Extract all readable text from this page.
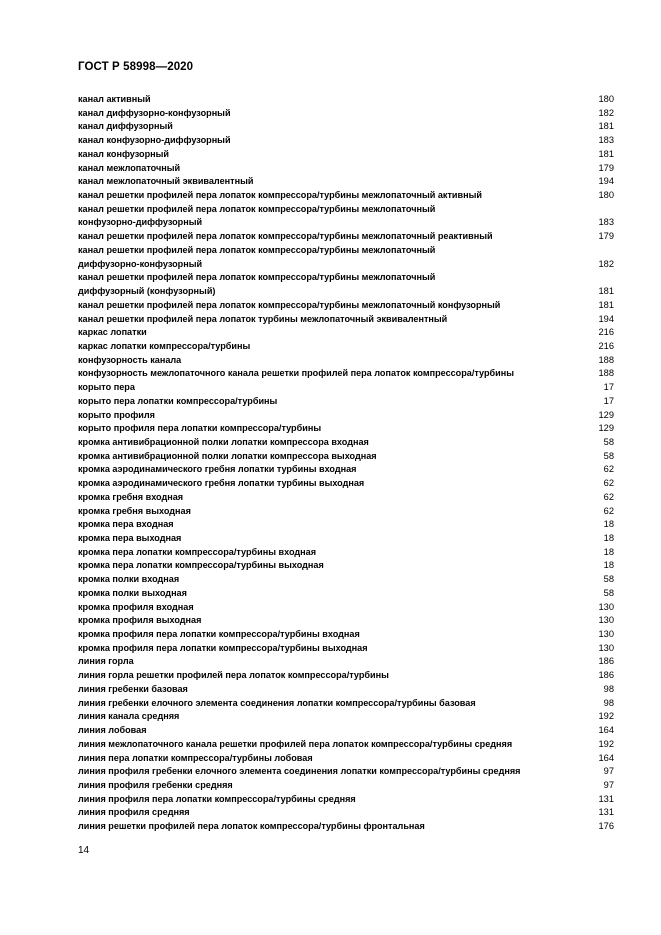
ГОСТ Р 58998—2020
канал активный	180
канал диффузорно-конфузорный	182
канал диффузорный	181
канал конфузорно-диффузорный	183
канал конфузорный	181
канал межлопаточный	179
канал межлопаточный эквивалентный	194
канал решетки профилей пера лопаток компрессора/турбины межлопаточный активный	180
канал решетки профилей пера лопаток компрессора/турбины межлопаточный
конфузорно-диффузорный	183
канал решетки профилей пера лопаток компрессора/турбины межлопаточный реактивный	179
канал решетки профилей пера лопаток компрессора/турбины межлопаточный
диффузорно-конфузорный	182
канал решетки профилей пера лопаток компрессора/турбины межлопаточный
диффузорный (конфузорный)	181
канал решетки профилей пера лопаток компрессора/турбины межлопаточный конфузорный	181
канал решетки профилей пера лопаток турбины межлопаточный эквивалентный	194
каркас лопатки	216
каркас лопатки компрессора/турбины	216
конфузорность канала	188
конфузорность межлопаточного канала решетки профилей пера лопаток компрессора/турбины	188
корыто пера	17
корыто пера лопатки компрессора/турбины	17
корыто профиля	129
корыто профиля пера лопатки компрессора/турбины	129
кромка антивибрационной полки лопатки компрессора входная	58
кромка антивибрационной полки лопатки компрессора выходная	58
кромка аэродинамического гребня лопатки турбины входная	62
кромка аэродинамического гребня лопатки турбины выходная	62
кромка гребня входная	62
кромка гребня выходная	62
кромка пера входная	18
кромка пера выходная	18
кромка пера лопатки компрессора/турбины входная	18
кромка пера лопатки компрессора/турбины выходная	18
кромка полки входная	58
кромка полки выходная	58
кромка профиля входная	130
кромка профиля выходная	130
кромка профиля пера лопатки компрессора/турбины входная	130
кромка профиля пера лопатки компрессора/турбины выходная	130
линия горла	186
линия горла решетки профилей пера лопаток компрессора/турбины	186
линия гребенки базовая	98
линия гребенки елочного элемента соединения лопатки компрессора/турбины базовая	98
линия канала средняя	192
линия лобовая	164
линия межлопаточного канала решетки профилей пера лопаток компрессора/турбины средняя	192
линия пера лопатки компрессора/турбины лобовая	164
линия профиля гребенки елочного элемента соединения лопатки компрессора/турбины средняя	97
линия профиля гребенки средняя	97
линия профиля пера лопатки компрессора/турбины средняя	131
линия профиля средняя	131
линия решетки профилей пера лопаток компрессора/турбины фронтальная	176
14
